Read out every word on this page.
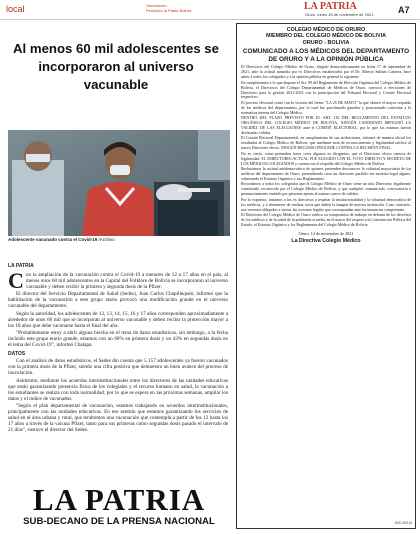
local	Vacunación
Periódico la Patria Bolivia	LA PATRIA
Oruro, lunes 15 de noviembre de 2021	A7
Al menos 60 mil adolescentes se incorporaron al universo vacunable
Adolescente vacunado contra el Covid-19 /Archivo
LA PATRIA

Con la ampliación de la vacunación contra el Covid-19 a menores de 12 a 17 años en el país, al menos unos 60 mil adolescentes en la Capital del Folklore de Bolivia se incorporaron al universo vacunable y deben recibir la primera y segunda dosis de la Pfizer.

El director del Servicio Departamental de Salud (Sedes), Juan Carlos Chapillequén, informó que la habilitación de la vacunación a este grupo etario provocó una modificación grande en el universo vacunable del departamento.

Según la autoridad, los adolescentes de 12, 13, 14, 15, 16 y 17 años corresponden aproximadamente a alrededor de unos 60 mil que se incorporan al universo vacunable y deben recibir la protección mayor a los 18 años que debe vacunarse hasta el final del año.

"Probablemente estoy a abrir alguna brecha en el tema de datos estadísticos, sin embargo, a la fecha incluido este grupo etario grande, estamos con un 60% en primera dosis y un 43% en segundas dosis en el tema del Covid-19", informó Chalapa.

DATOS

Con el análisis de datos estadísticos, el Sedes dio cuenta que 5 157 adolescentes ya fueron vacunados con la primera dosis de la Pfizer, siendo una cifra positiva que demuestra un buen avance del proceso de inoculación.

Asimismo, mediante los acuerdos interinstitucionales entre los directores de las unidades educativas que están garantizando presencia física de los colegiales y el recurso humano en salud, la vacunación a los estudiantes se realiza con toda normalidad, por lo que se espera en las próximas semanas, ampliar los datos y el índice de vacunados.

"Según el plan departamental de vacunación, estamos trabajando en acuerdos interinstitucionales, principalmente con las unidades educativas. En ese sentido que estamos garantizando los servicios de salud en el área urbana y rural, que tendremos una vacunación que contempla a partir de los 12 hasta los 17 años a través de la vacuna Pfizer, tanto para sus primeras como segundas dosis pasado el intervalo de 21 días", sostuvo el director del Sedes.

LA PATRIA
SUB-DECANO DE LA PRENSA NACIONAL
COLEGIO MÉDICO DE ORURO
MIEMBRO DEL COLEGIO MÉDICO DE BOLIVIA
ORURO - BOLIVIA
COMUNICADO A LOS MÉDICOS DEL DEPARTAMENTO DE ORURO Y A LA OPINIÓN PÚBLICA

El Directorio del Colegio Médico de Oruro, elegido democráticamente en fecha 17 de septiembre de 2021, ante la actitud asumida por ex Directivos encabezados por el Dr. Alberto Salinas Cabrera, hace saber a todos los colegiados y a la opinión pública en general lo siguiente:

En cumplimiento a lo que dispone el Art. 99 del Reglamento de Elección Orgánica del Colegio Médico de Bolivia, el Directorio del Colegio Departamental de Médicos de Oruro, convocó a elecciones de Directorio para la gestión 2021-2023 con la participación del Tribunal Electoral y Comité Electoral respectivo.

El proceso electoral contó con la victoria del frente "LA 25 DE MAYO" la que obtuvo el mayor respaldo de los médicos del departamento, por lo cual fue proclamado ganador y posesionado conforme a la normativa interna del Colegio Médico.

DENTRO DEL PLAZO PREVISTO POR EL ART. 110 DEL REGLAMENTO DEL ESTATUTO ORGÁNICO DEL COLEGIO MÉDICO DE BOLIVIA, NINGÚN CANDIDATO IMPUGNÓ LA VALIDEZ DE LAS ELECCIONES ante el COMITÉ ELECTORAL, por lo que las mismas fueron declaradas válidas.

El Comité Electoral Departamental, en cumplimiento de sus atribuciones, informó de manera oficial los resultados al Colegio Médico de Bolivia, que mediante nota de reconocimiento y legitimidad ratificó al nuevo Directorio electo. NINGÚN RECURSO PROCEDE CONTRA LA DECISIÓN FINAL.

No es cierto, como pretenden hacer creer algunos ex dirigentes, que el Directorio electo carezca de legitimidad. EL DIRECTORIO ACTUAL FUE ELEGIDO CON EL VOTO DIRECTO Y SECRETO DE LOS MÉDICOS COLEGIADOS y cuenta con el respaldo del Colegio Médico de Bolivia.

Rechazamos la actitud antidemocrática de quienes pretenden desconocer la voluntad mayoritaria de los médicos del departamento de Oruro, pretendiendo crear un directorio paralelo sin sustento legal alguno, vulnerando el Estatuto Orgánico y sus Reglamentos.

Recordamos a todos los colegiados que el Colegio Médico de Oruro tiene un solo Directorio legalmente constituido, reconocido por el Colegio Médico de Bolivia, y que cualquier comunicado, convocatoria o pronunciamiento emitido por personas ajenas al mismo carece de validez.

Por lo expuesto, instamos a los ex directivos a respetar la institucionalidad y la voluntad democrática de los médicos, y a abstenerse de realizar actos que dañen la imagen de nuestra institución. Caso contrario, nos veremos obligados a iniciar las acciones legales que correspondan ante las instancias competentes.

El Directorio del Colegio Médico de Oruro ratifica su compromiso de trabajar en defensa de los derechos de los médicos y de la salud de la población orureña, en el marco del respeto a la Constitución Política del Estado, el Estatuto Orgánico y los Reglamentos del Colegio Médico de Bolivia.

Oruro, 14 de noviembre de 2021
La Directiva Colegio Médico
15/11-B0115
